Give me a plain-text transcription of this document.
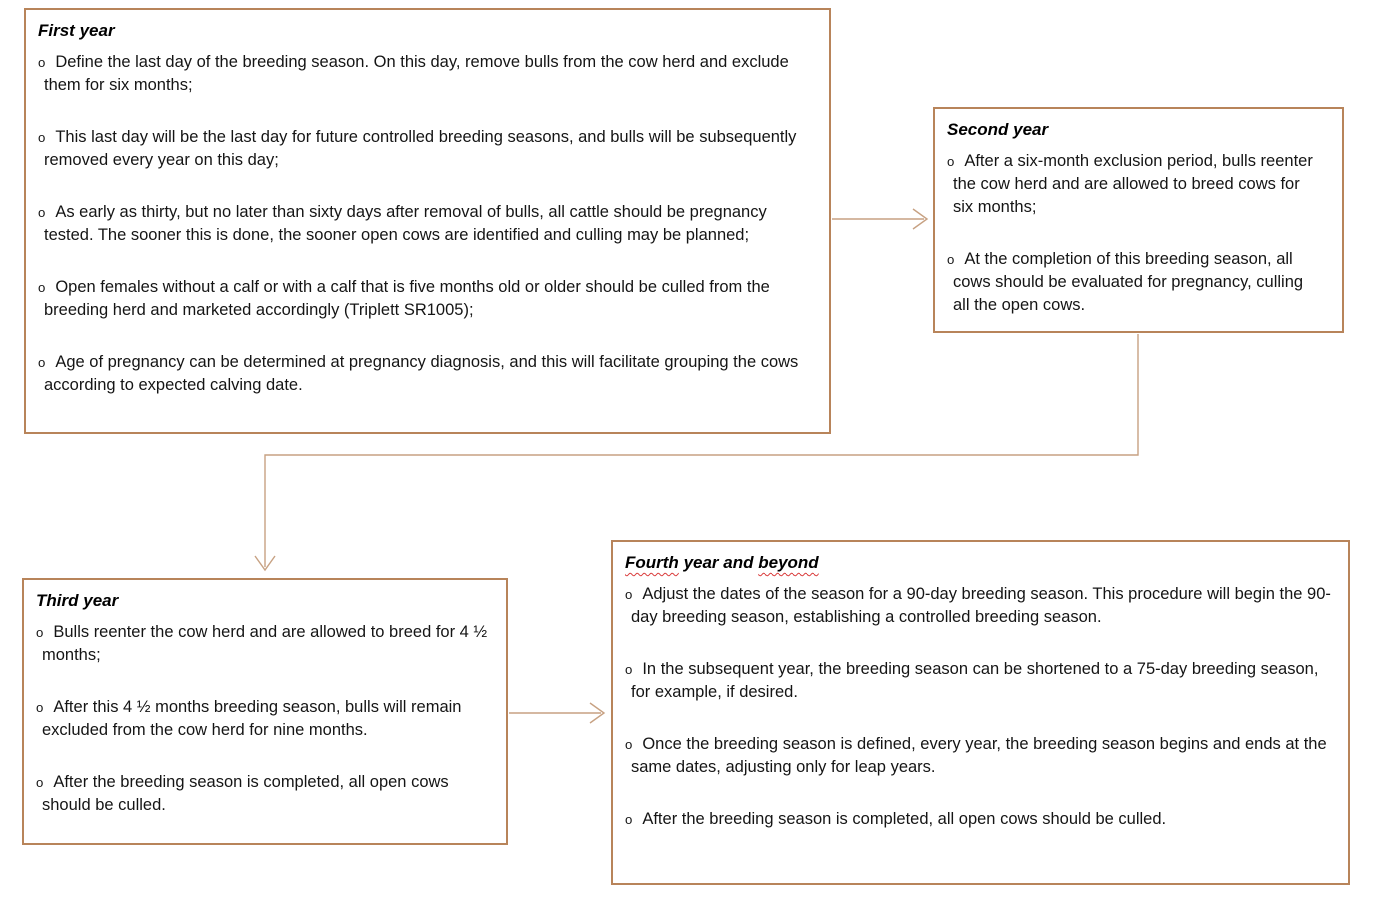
First year
o Define the last day of the breeding season. On this day, remove bulls from the cow herd and exclude them for six months;
o This last day will be the last day for future controlled breeding seasons, and bulls will be subsequently removed every year on this day;
o As early as thirty, but no later than sixty days after removal of bulls, all cattle should be pregnancy tested. The sooner this is done, the sooner open cows are identified and culling may be planned;
o Open females without a calf or with a calf that is five months old or older should be culled from the breeding herd and marketed accordingly (Triplett SR1005);
o Age of pregnancy can be determined at pregnancy diagnosis, and this will facilitate grouping the cows according to expected calving date.
Second year
o After a six-month exclusion period, bulls reenter the cow herd and are allowed to breed cows for six months;
o At the completion of this breeding season, all cows should be evaluated for pregnancy, culling all the open cows.
Third year
o Bulls reenter the cow herd and are allowed to breed for 4 ½ months;
o After this 4 ½ months breeding season, bulls will remain excluded from the cow herd for nine months.
o After the breeding season is completed, all open cows should be culled.
Fourth year and beyond
o Adjust the dates of the season for a 90-day breeding season. This procedure will begin the 90-day breeding season, establishing a controlled breeding season.
o In the subsequent year, the breeding season can be shortened to a 75-day breeding season, for example, if desired.
o Once the breeding season is defined, every year, the breeding season begins and ends at the same dates, adjusting only for leap years.
o After the breeding season is completed, all open cows should be culled.
